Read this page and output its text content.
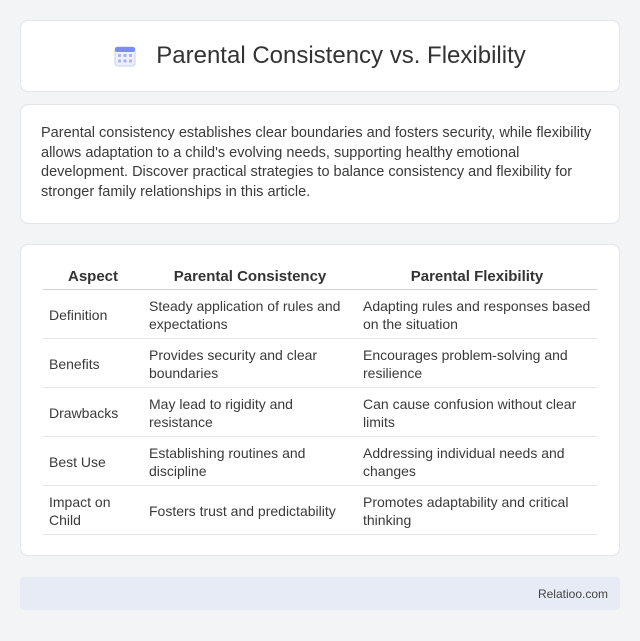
Parental Consistency vs. Flexibility

Parental consistency establishes clear boundaries and fosters security, while flexibility allows adaptation to a child's evolving needs, supporting healthy emotional development. Discover practical strategies to balance consistency and flexibility for stronger family relationships in this article.

Aspect	Parental Consistency	Parental Flexibility
Definition	Steady application of rules and expectations	Adapting rules and responses based on the situation
Benefits	Provides security and clear boundaries	Encourages problem-solving and resilience
Drawbacks	May lead to rigidity and resistance	Can cause confusion without clear limits
Best Use	Establishing routines and discipline	Addressing individual needs and changes
Impact on Child	Fosters trust and predictability	Promotes adaptability and critical thinking
Relatioo.com
